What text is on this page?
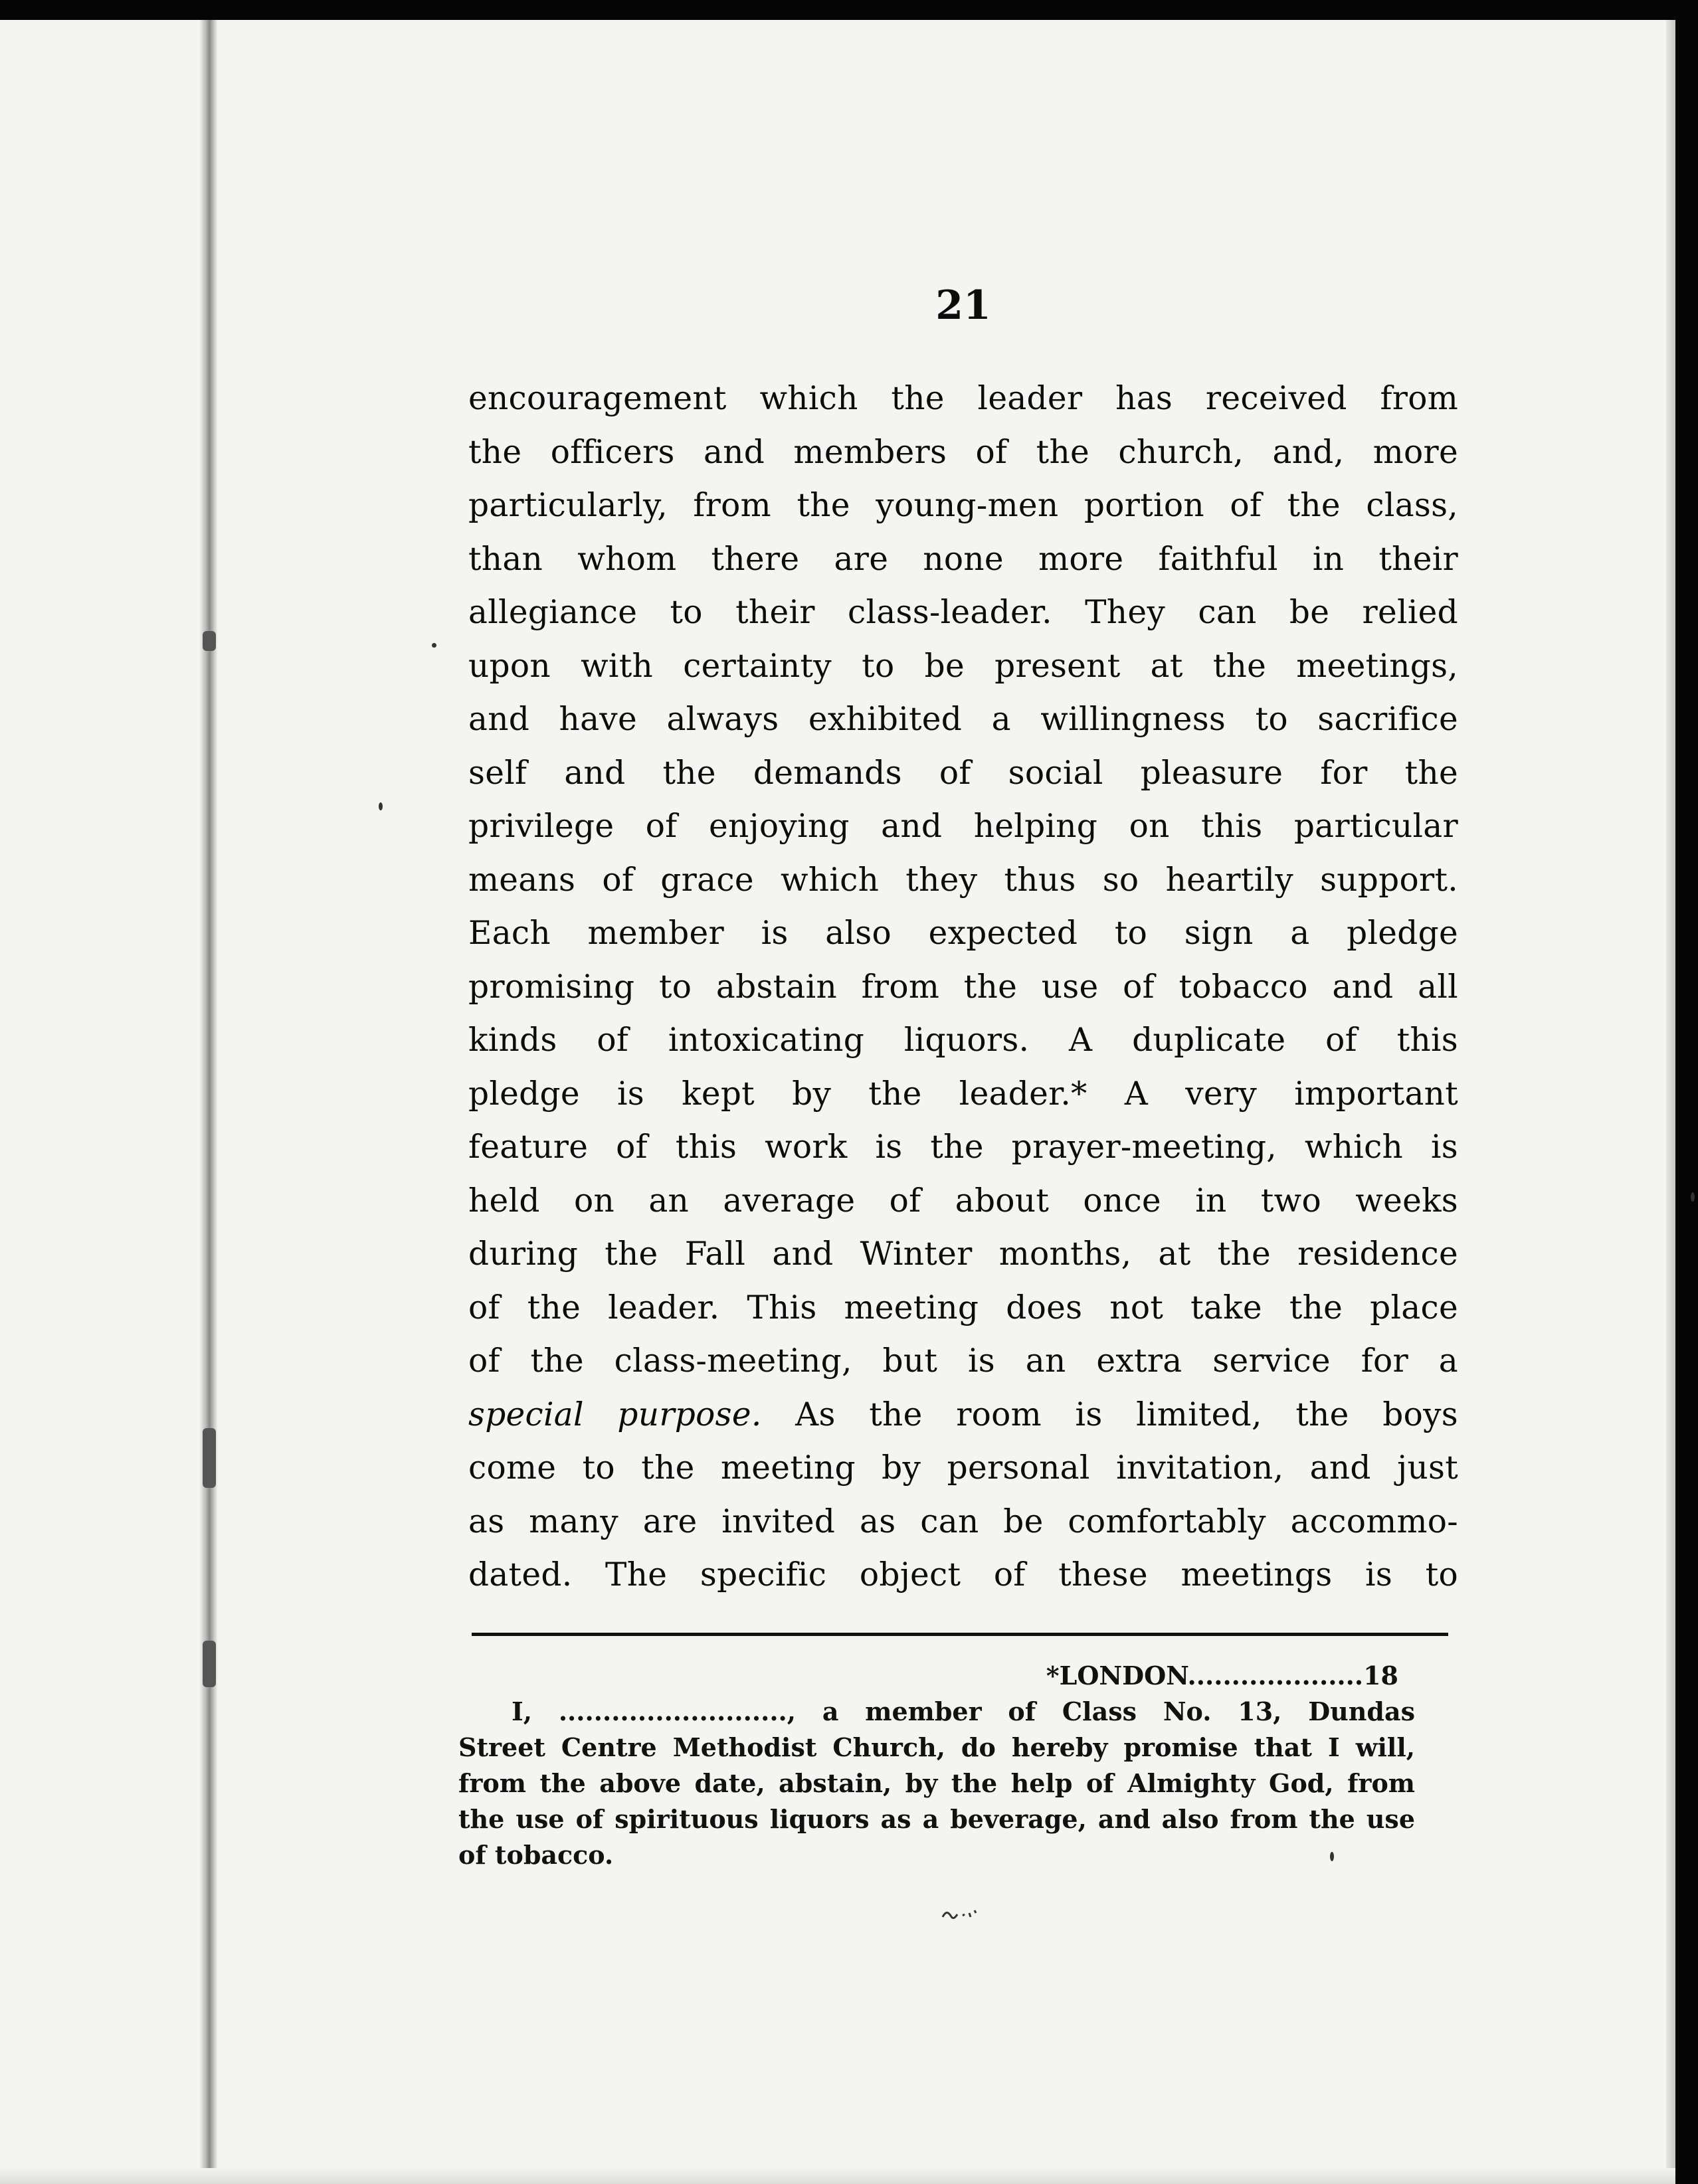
21
encouragement which the leader has received from
the officers and members of the church, and, more
particularly, from the young-men portion of the class,
than whom there are none more faithful in their
allegiance to their class-leader. They can be relied
upon with certainty to be present at the meetings,
and have always exhibited a willingness to sacrifice
self and the demands of social pleasure for the
privilege of enjoying and helping on this particular
means of grace which they thus so heartily support.
Each member is also expected to sign a pledge
promising to abstain from the use of tobacco and all
kinds of intoxicating liquors. A duplicate of this
pledge is kept by the leader.* A very important
feature of this work is the prayer-meeting, which is
held on an average of about once in two weeks
during the Fall and Winter months, at the residence
of the leader. This meeting does not take the place
of the class-meeting, but is an extra service for a
special purpose. As the room is limited, the boys
come to the meeting by personal invitation, and just
as many are invited as can be comfortably accommo-
dated. The specific object of these meetings is to
*LONDON....................18
I, .........................., a member of Class No. 13, Dundas
Street Centre Methodist Church, do hereby promise that I will,
from the above date, abstain, by the help of Almighty God, from
the use of spirituous liquors as a beverage, and also from the use
of tobacco.
